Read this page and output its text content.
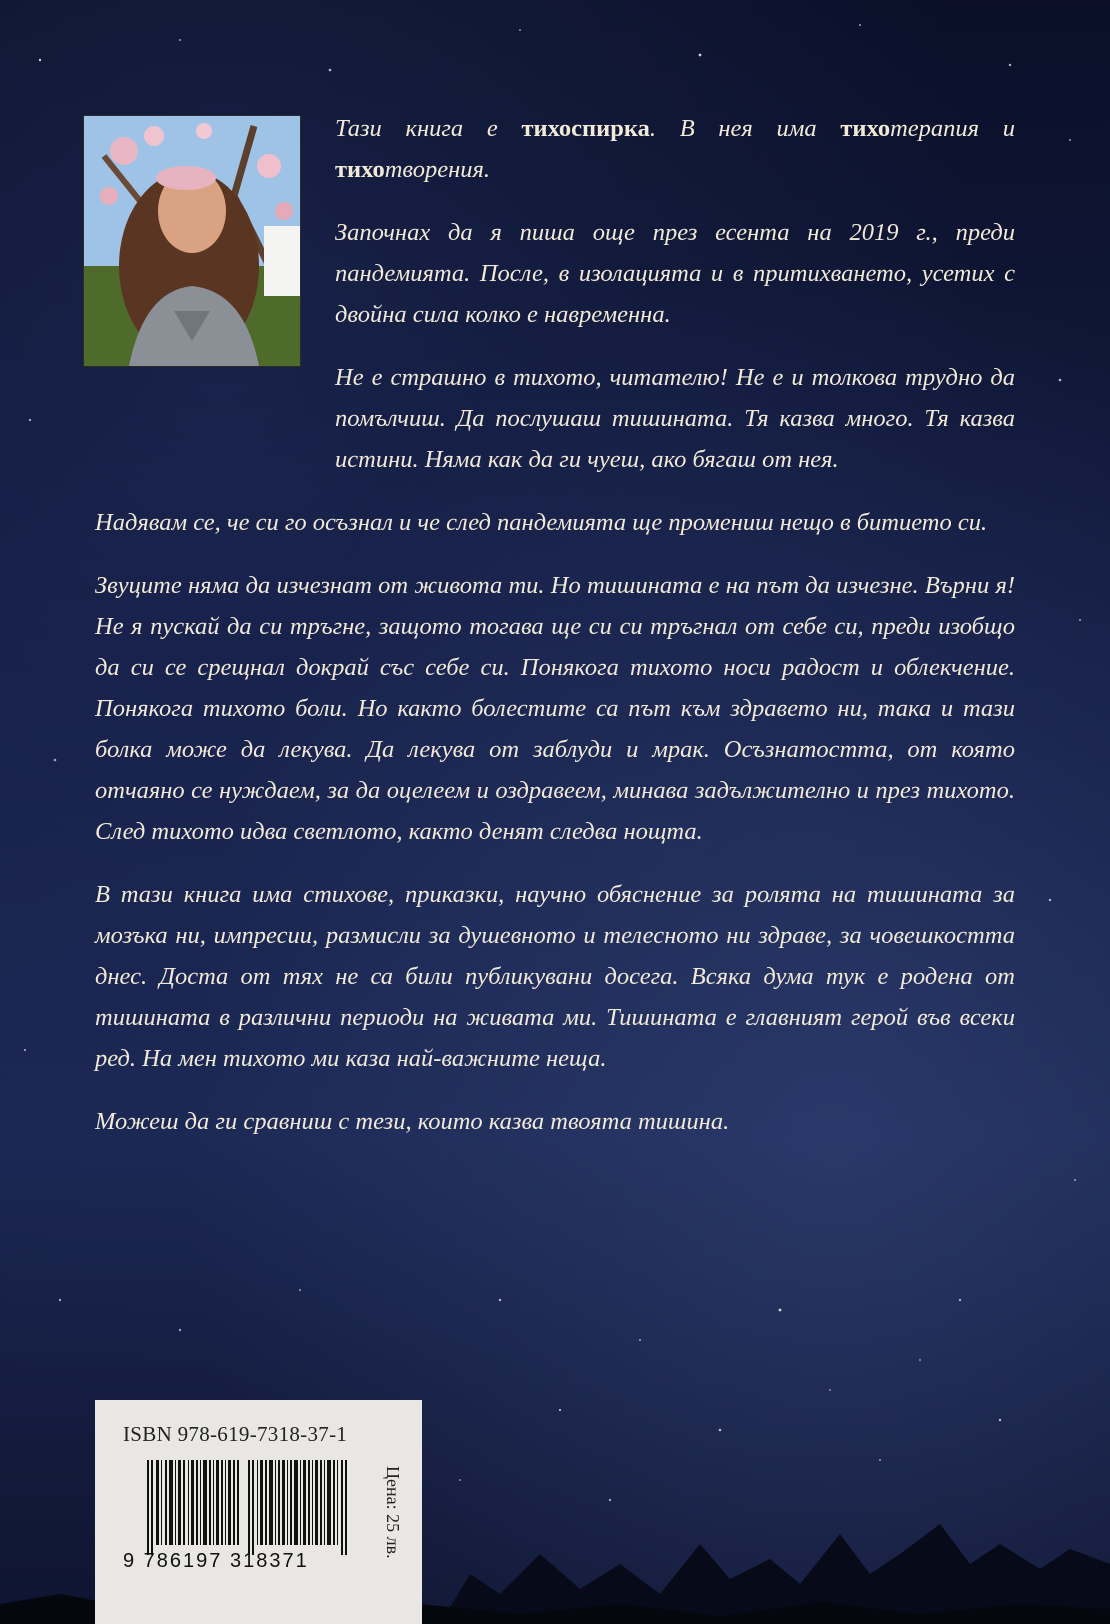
Тази книга е тихоспирка. В нея има тихотерапия и тихотворения.

Започнах да я пиша още през есента на 2019 г., преди пандемията. После, в изолацията и в притихването, усетих с двойна сила колко е навременна.

Не е страшно в тихото, читателю! Не е и толкова трудно да помълчиш. Да послушаш тишината. Тя казва много. Тя казва истини. Няма как да ги чуеш, ако бягаш от нея.

Надявам се, че си го осъзнал и че след пандемията ще промениш нещо в битието си.

Звуците няма да изчезнат от живота ти. Но тишината е на път да изчезне. Върни я! Не я пускай да си тръгне, защото тогава ще си си тръгнал от себе си, преди изобщо да си се срещнал докрай със себе си. Понякога тихото носи радост и облекчение. Понякога тихото боли. Но както болестите са път към здравето ни, така и тази болка може да лекува. Да лекува от заблуди и мрак. Осъзнатостта, от която отчаяно се нуждаем, за да оцелеем и оздравеем, минава задължително и през тихото. След тихото идва светлото, както денят следва нощта.

В тази книга има стихове, приказки, научно обяснение за ролята на тишината за мозъка ни, импресии, размисли за душевното и телесното ни здраве, за човешкостта днес. Доста от тях не са били публикувани досега. Всяка дума тук е родена от тишината в различни периоди на живата ми. Тишината е главният герой във всеки ред. На мен тихото ми каза най-важните неща.

Можеш да ги сравниш с тези, които казва твоята тишина.

ISBN 978-619-7318-37-1
9 786197 318371
Цена: 25 лв.
